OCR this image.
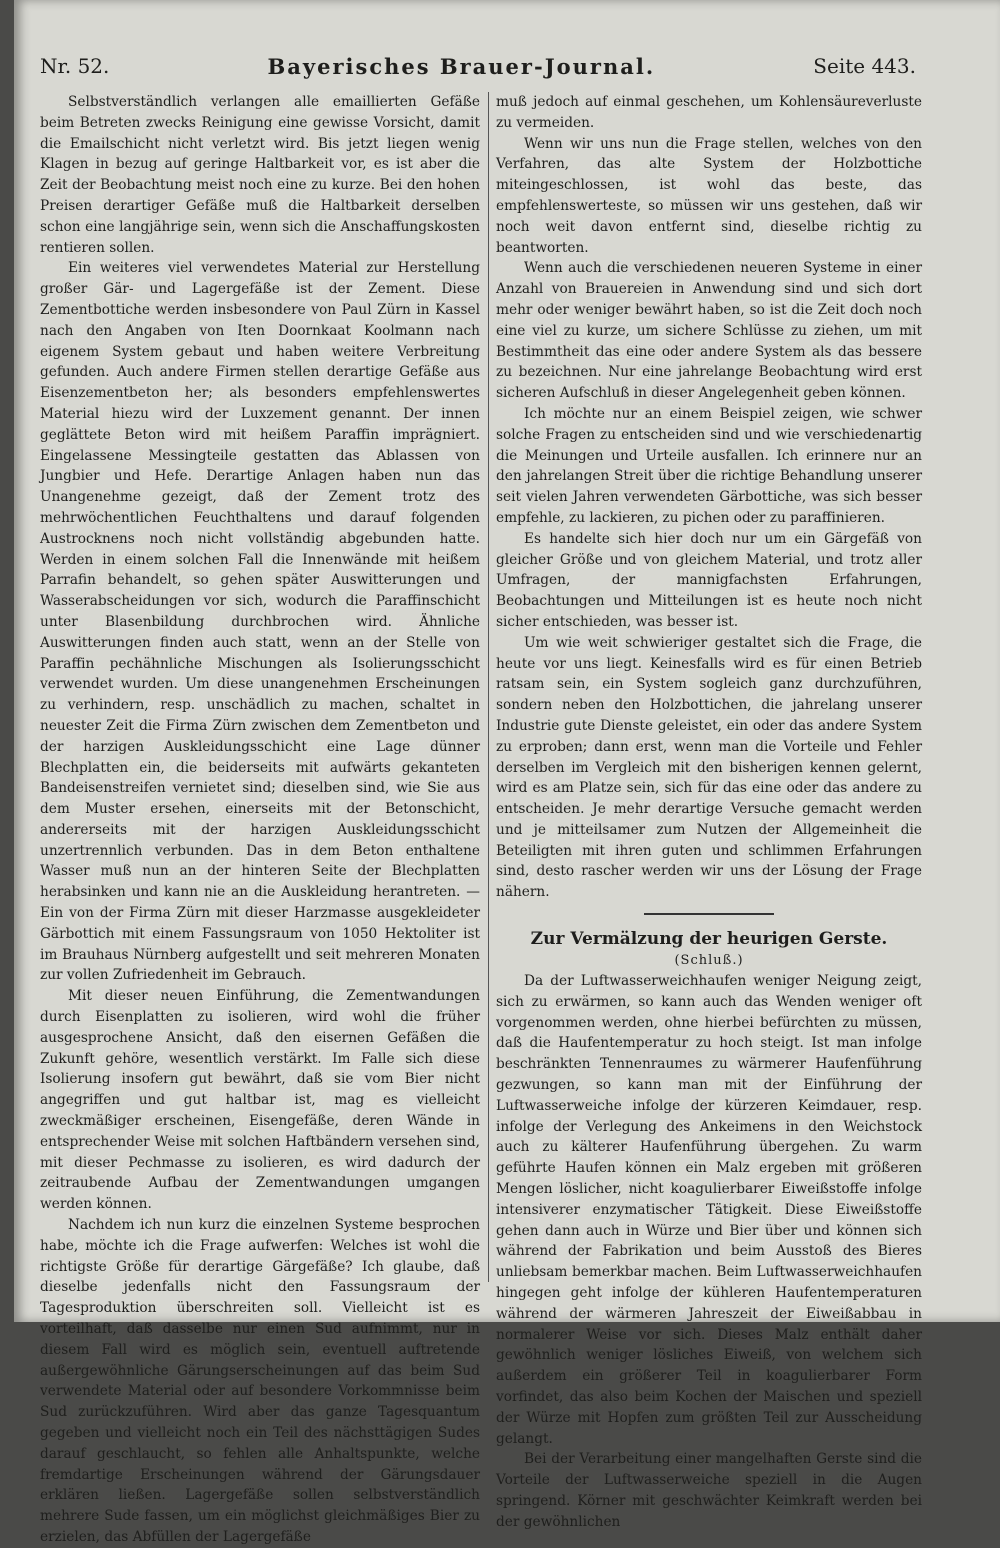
Nr. 52.	Bayerisches Brauer-Journal.	Seite 443.

Selbstverständlich verlangen alle emaillierten Gefäße beim Betreten zwecks Reinigung eine gewisse Vorsicht, damit die Emailschicht nicht verletzt wird. Bis jetzt liegen wenig Klagen in bezug auf geringe Haltbarkeit vor, es ist aber die Zeit der Beobachtung meist noch eine zu kurze. Bei den hohen Preisen derartiger Gefäße muß die Haltbarkeit derselben schon eine langjährige sein, wenn sich die Anschaffungskosten rentieren sollen.

Ein weiteres viel verwendetes Material zur Herstellung großer Gär- und Lagergefäße ist der Zement. Diese Zementbottiche werden insbesondere von Paul Zürn in Kassel nach den Angaben von Iten Doornkaat Koolmann nach eigenem System gebaut und haben weitere Verbreitung gefunden. Auch andere Firmen stellen derartige Gefäße aus Eisenzementbeton her; als besonders empfehlenswertes Material hiezu wird der Luxzement genannt. Der innen geglättete Beton wird mit heißem Paraffin imprägniert. Eingelassene Messingteile gestatten das Ablassen von Jungbier und Hefe. Derartige Anlagen haben nun das Unangenehme gezeigt, daß der Zement trotz des mehrwöchentlichen Feuchthaltens und darauf folgenden Austrocknens noch nicht vollständig abgebunden hatte. Werden in einem solchen Fall die Innenwände mit heißem Parrafin behandelt, so gehen später Auswitterungen und Wasserabscheidungen vor sich, wodurch die Paraffinschicht unter Blasenbildung durchbrochen wird. Ähnliche Auswitterungen finden auch statt, wenn an der Stelle von Paraffin pechähnliche Mischungen als Isolierungsschicht verwendet wurden. Um diese unangenehmen Erscheinungen zu verhindern, resp. unschädlich zu machen, schaltet in neuester Zeit die Firma Zürn zwischen dem Zementbeton und der harzigen Auskleidungsschicht eine Lage dünner Blechplatten ein, die beiderseits mit aufwärts gekanteten Bandeisenstreifen vernietet sind; dieselben sind, wie Sie aus dem Muster ersehen, einerseits mit der Betonschicht, andererseits mit der harzigen Auskleidungsschicht unzertrennlich verbunden. Das in dem Beton enthaltene Wasser muß nun an der hinteren Seite der Blechplatten herabsinken und kann nie an die Auskleidung herantreten. — Ein von der Firma Zürn mit dieser Harzmasse ausgekleideter Gärbottich mit einem Fassungsraum von 1050 Hektoliter ist im Brauhaus Nürnberg aufgestellt und seit mehreren Monaten zur vollen Zufriedenheit im Gebrauch.

Mit dieser neuen Einführung, die Zementwandungen durch Eisenplatten zu isolieren, wird wohl die früher ausgesprochene Ansicht, daß den eisernen Gefäßen die Zukunft gehöre, wesentlich verstärkt. Im Falle sich diese Isolierung insofern gut bewährt, daß sie vom Bier nicht angegriffen und gut haltbar ist, mag es vielleicht zweckmäßiger erscheinen, Eisengefäße, deren Wände in entsprechender Weise mit solchen Haftbändern versehen sind, mit dieser Pechmasse zu isolieren, es wird dadurch der zeitraubende Aufbau der Zementwandungen umgangen werden können.

Nachdem ich nun kurz die einzelnen Systeme besprochen habe, möchte ich die Frage aufwerfen: Welches ist wohl die richtigste Größe für derartige Gärgefäße? Ich glaube, daß dieselbe jedenfalls nicht den Fassungsraum der Tagesproduktion überschreiten soll. Vielleicht ist es vorteilhaft, daß dasselbe nur einen Sud aufnimmt, nur in diesem Fall wird es möglich sein, eventuell auftretende außergewöhnliche Gärungserscheinungen auf das beim Sud verwendete Material oder auf besondere Vorkommnisse beim Sud zurückzuführen. Wird aber das ganze Tagesquantum gegeben und vielleicht noch ein Teil des nächsttägigen Sudes darauf geschlaucht, so fehlen alle Anhaltspunkte, welche fremdartige Erscheinungen während der Gärungsdauer erklären ließen. Lagergefäße sollen selbstverständlich mehrere Sude fassen, um ein möglichst gleichmäßiges Bier zu erzielen, das Abfüllen der Lagergefäße

muß jedoch auf einmal geschehen, um Kohlensäureverluste zu vermeiden.

Wenn wir uns nun die Frage stellen, welches von den Verfahren, das alte System der Holzbottiche miteingeschlossen, ist wohl das beste, das empfehlenswerteste, so müssen wir uns gestehen, daß wir noch weit davon entfernt sind, dieselbe richtig zu beantworten.

Wenn auch die verschiedenen neueren Systeme in einer Anzahl von Brauereien in Anwendung sind und sich dort mehr oder weniger bewährt haben, so ist die Zeit doch noch eine viel zu kurze, um sichere Schlüsse zu ziehen, um mit Bestimmtheit das eine oder andere System als das bessere zu bezeichnen. Nur eine jahrelange Beobachtung wird erst sicheren Aufschluß in dieser Angelegenheit geben können.

Ich möchte nur an einem Beispiel zeigen, wie schwer solche Fragen zu entscheiden sind und wie verschiedenartig die Meinungen und Urteile ausfallen. Ich erinnere nur an den jahrelangen Streit über die richtige Behandlung unserer seit vielen Jahren verwendeten Gärbottiche, was sich besser empfehle, zu lackieren, zu pichen oder zu paraffinieren.

Es handelte sich hier doch nur um ein Gärgefäß von gleicher Größe und von gleichem Material, und trotz aller Umfragen, der mannigfachsten Erfahrungen, Beobachtungen und Mitteilungen ist es heute noch nicht sicher entschieden, was besser ist.

Um wie weit schwieriger gestaltet sich die Frage, die heute vor uns liegt. Keinesfalls wird es für einen Betrieb ratsam sein, ein System sogleich ganz durchzuführen, sondern neben den Holzbottichen, die jahrelang unserer Industrie gute Dienste geleistet, ein oder das andere System zu erproben; dann erst, wenn man die Vorteile und Fehler derselben im Vergleich mit den bisherigen kennen gelernt, wird es am Platze sein, sich für das eine oder das andere zu entscheiden. Je mehr derartige Versuche gemacht werden und je mitteilsamer zum Nutzen der Allgemeinheit die Beteiligten mit ihren guten und schlimmen Erfahrungen sind, desto rascher werden wir uns der Lösung der Frage nähern.

Zur Vermälzung der heurigen Gerste.

(Schluß.)

Da der Luftwasserweichhaufen weniger Neigung zeigt, sich zu erwärmen, so kann auch das Wenden weniger oft vorgenommen werden, ohne hierbei befürchten zu müssen, daß die Haufentemperatur zu hoch steigt. Ist man infolge beschränkten Tennenraumes zu wärmerer Haufenführung gezwungen, so kann man mit der Einführung der Luftwasserweiche infolge der kürzeren Keimdauer, resp. infolge der Verlegung des Ankeimens in den Weichstock auch zu kälterer Haufenführung übergehen. Zu warm geführte Haufen können ein Malz ergeben mit größeren Mengen löslicher, nicht koagulierbarer Eiweißstoffe infolge intensiverer enzymatischer Tätigkeit. Diese Eiweißstoffe gehen dann auch in Würze und Bier über und können sich während der Fabrikation und beim Ausstoß des Bieres unliebsam bemerkbar machen. Beim Luftwasserweichhaufen hingegen geht infolge der kühleren Haufentemperaturen während der wärmeren Jahreszeit der Eiweißabbau in normalerer Weise vor sich. Dieses Malz enthält daher gewöhnlich weniger lösliches Eiweiß, von welchem sich außerdem ein größerer Teil in koagulierbarer Form vorfindet, das also beim Kochen der Maischen und speziell der Würze mit Hopfen zum größten Teil zur Ausscheidung gelangt.

Bei der Verarbeitung einer mangelhaften Gerste sind die Vorteile der Luftwasserweiche speziell in die Augen springend. Körner mit geschwächter Keimkraft werden bei der gewöhnlichen
